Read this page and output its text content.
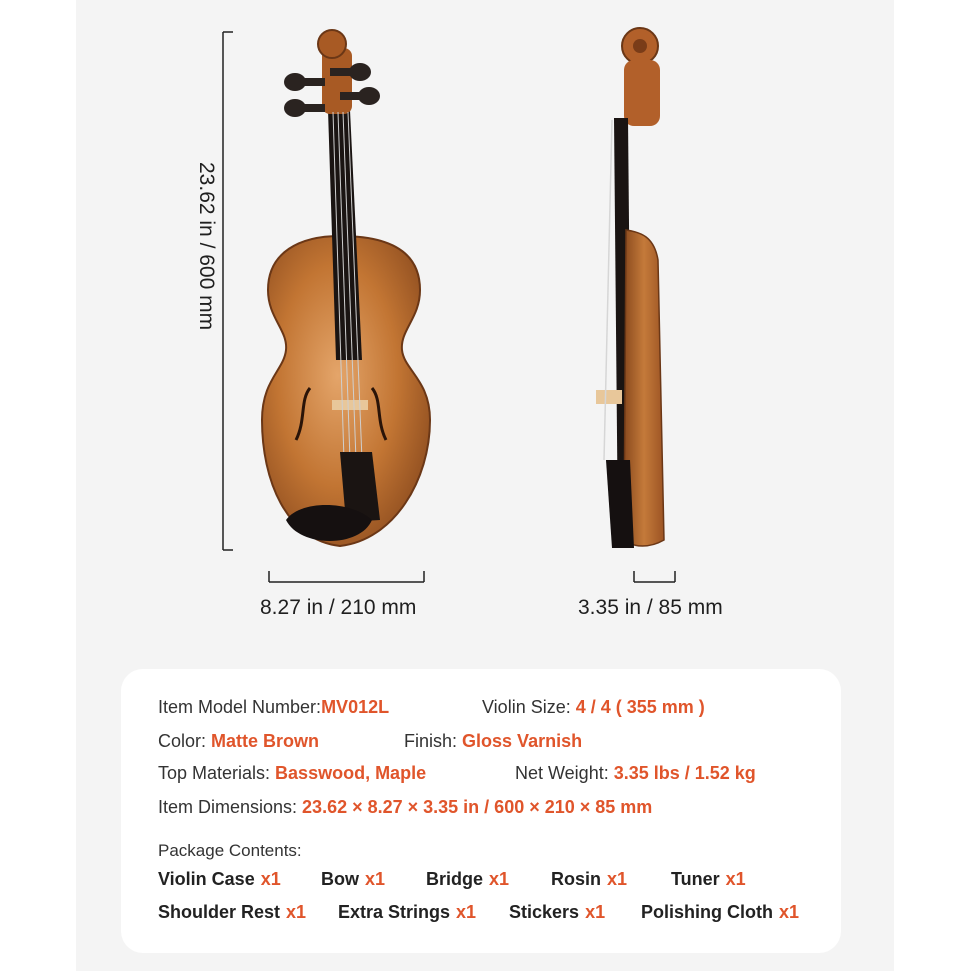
23.62 in / 600 mm
8.27 in / 210 mm	3.35 in / 85 mm
Item Model Number:MV012L	Violin Size: 4 / 4 ( 355 mm )
Color: Matte Brown	Finish: Gloss Varnish
Top Materials: Basswood, Maple	Net Weight: 3.35 lbs / 1.52 kg
Item Dimensions: 23.62 × 8.27 × 3.35 in / 600 × 210 × 85 mm
Package Contents:
Violin Case x1 Bow x1 Bridge x1 Rosin x1 Tuner x1
Shoulder Rest x1 Extra Strings x1 Stickers x1 Polishing Cloth x1
